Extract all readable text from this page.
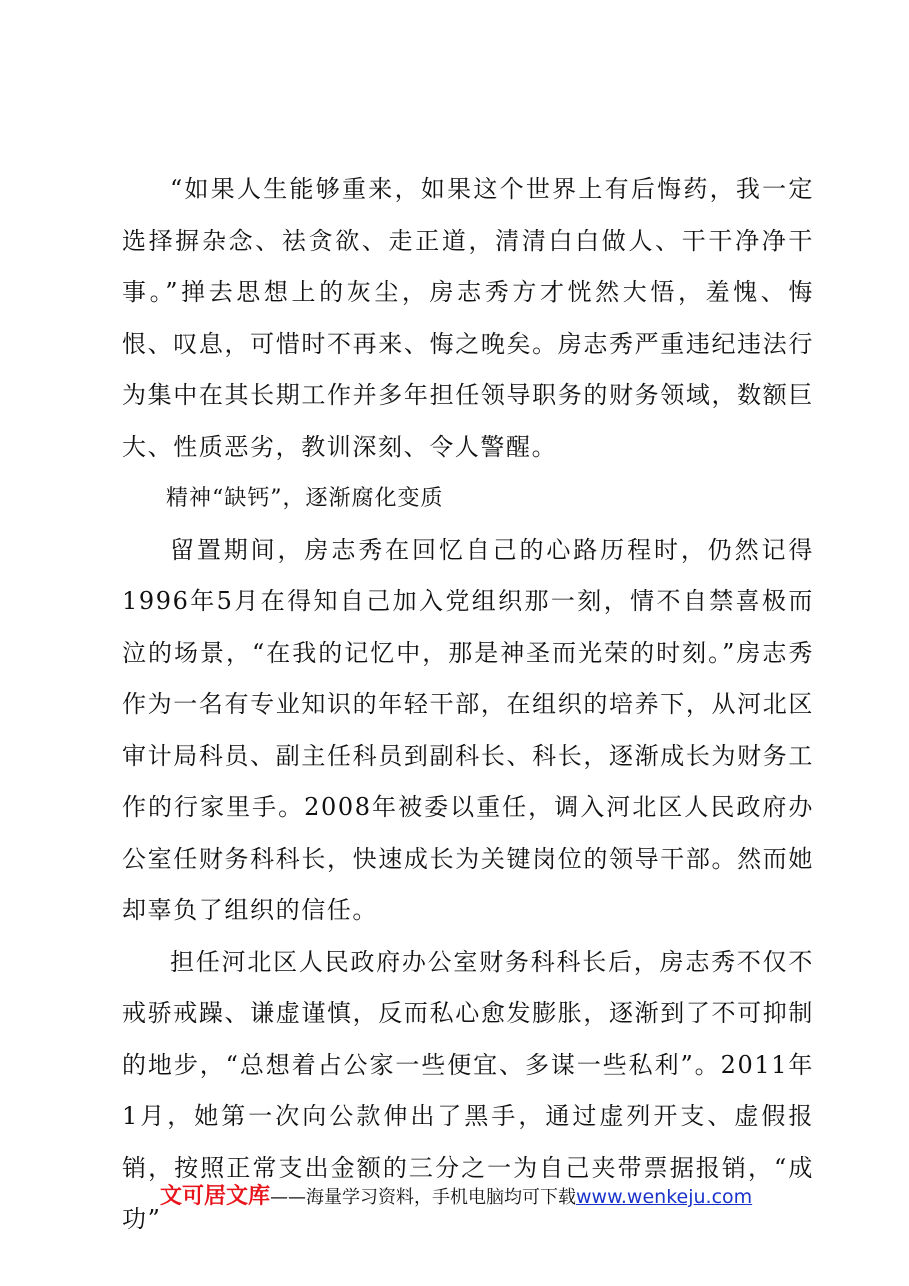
“如果人生能够重来，如果这个世界上有后悔药，我一定选择摒杂念、祛贪欲、走正道，清清白白做人、干干净净干事。”掸去思想上的灰尘，房志秀方才恍然大悟，羞愧、悔恨、叹息，可惜时不再来、悔之晚矣。房志秀严重违纪违法行为集中在其长期工作并多年担任领导职务的财务领域，数额巨大、性质恶劣，教训深刻、令人警醒。

精神“缺钙”，逐渐腐化变质

留置期间，房志秀在回忆自己的心路历程时，仍然记得1996年5月在得知自己加入党组织那一刻，情不自禁喜极而泣的场景，“在我的记忆中，那是神圣而光荣的时刻。”房志秀作为一名有专业知识的年轻干部，在组织的培养下，从河北区审计局科员、副主任科员到副科长、科长，逐渐成长为财务工作的行家里手。2008年被委以重任，调入河北区人民政府办公室任财务科科长，快速成长为关键岗位的领导干部。然而她却辜负了组织的信任。

担任河北区人民政府办公室财务科科长后，房志秀不仅不戒骄戒躁、谦虚谨慎，反而私心愈发膨胀，逐渐到了不可抑制的地步，“总想着占公家一些便宜、多谋一些私利”。2011年1月，她第一次向公款伸出了黑手，通过虚列开支、虚假报销，按照正常支出金额的三分之一为自己夹带票据报销，“成功”

文可居文库——海量学习资料，手机电脑均可下载www.wenkeju.com
